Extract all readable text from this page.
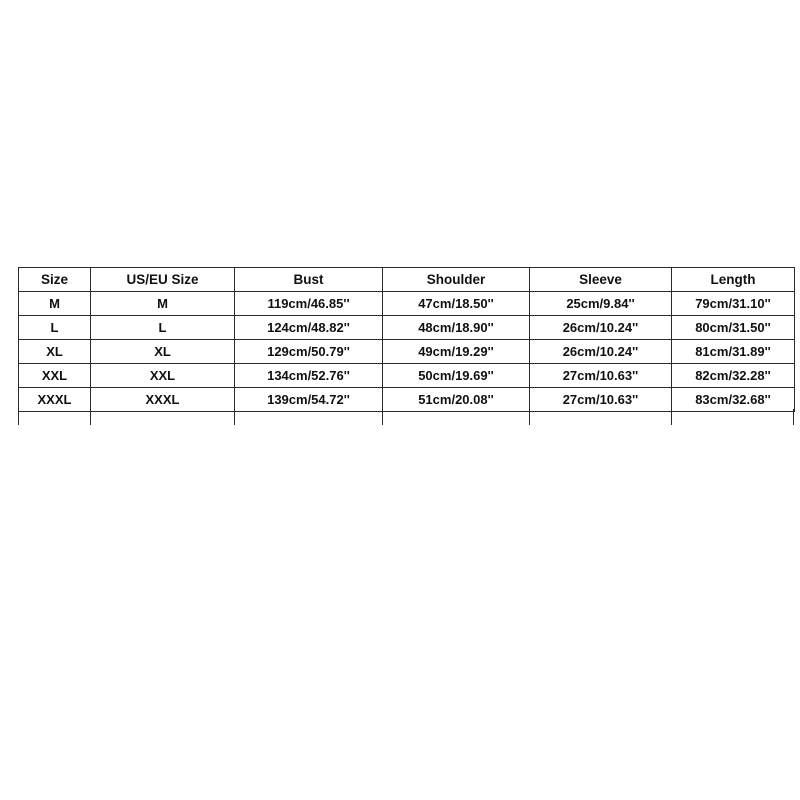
Size	US/EU Size	Bust	Shoulder	Sleeve	Length
M	M	119cm/46.85''	47cm/18.50''	25cm/9.84''	79cm/31.10''
L	L	124cm/48.82''	48cm/18.90''	26cm/10.24''	80cm/31.50''
XL	XL	129cm/50.79''	49cm/19.29''	26cm/10.24''	81cm/31.89''
XXL	XXL	134cm/52.76''	50cm/19.69''	27cm/10.63''	82cm/32.28''
XXXL	XXXL	139cm/54.72''	51cm/20.08''	27cm/10.63''	83cm/32.68''
